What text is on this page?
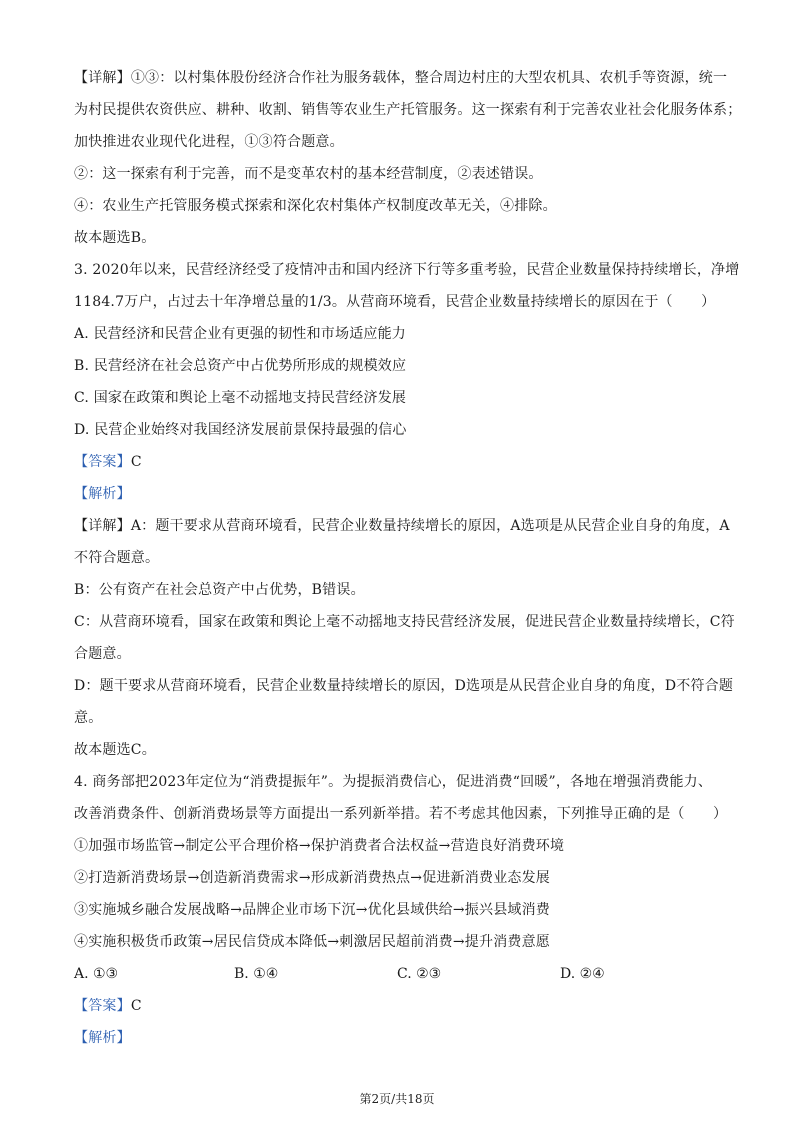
【详解】①③：以村集体股份经济合作社为服务载体，整合周边村庄的大型农机具、农机手等资源，统一
为村民提供农资供应、耕种、收割、销售等农业生产托管服务。这一探索有利于完善农业社会化服务体系；
加快推进农业现代化进程，①③符合题意。
②：这一探索有利于完善，而不是变革农村的基本经营制度，②表述错误。
④：农业生产托管服务模式探索和深化农村集体产权制度改革无关，④排除。
故本题选B。
3. 2020年以来，民营经济经受了疫情冲击和国内经济下行等多重考验，民营企业数量保持持续增长，净增
1184.7万户，占过去十年净增总量的1/3。从营商环境看，民营企业数量持续增长的原因在于（　　）
A. 民营经济和民营企业有更强的韧性和市场适应能力
B. 民营经济在社会总资产中占优势所形成的规模效应
C. 国家在政策和舆论上毫不动摇地支持民营经济发展
D. 民营企业始终对我国经济发展前景保持最强的信心
【答案】C
【解析】
【详解】A：题干要求从营商环境看，民营企业数量持续增长的原因，A选项是从民营企业自身的角度，A
不符合题意。
B：公有资产在社会总资产中占优势，B错误。
C：从营商环境看，国家在政策和舆论上毫不动摇地支持民营经济发展，促进民营企业数量持续增长，C符
合题意。
D：题干要求从营商环境看，民营企业数量持续增长的原因，D选项是从民营企业自身的角度，D不符合题
意。
故本题选C。
4. 商务部把2023年定位为“消费提振年”。为提振消费信心，促进消费“回暖”，各地在增强消费能力、
改善消费条件、创新消费场景等方面提出一系列新举措。若不考虑其他因素，下列推导正确的是（　　）
①加强市场监管→制定公平合理价格→保护消费者合法权益→营造良好消费环境
②打造新消费场景→创造新消费需求→形成新消费热点→促进新消费业态发展
③实施城乡融合发展战略→品牌企业市场下沉→优化县域供给→振兴县域消费
④实施积极货币政策→居民信贷成本降低→刺激居民超前消费→提升消费意愿
A. ①③	B. ①④	C. ②③	D. ②④
【答案】C
【解析】
第2页/共18页
